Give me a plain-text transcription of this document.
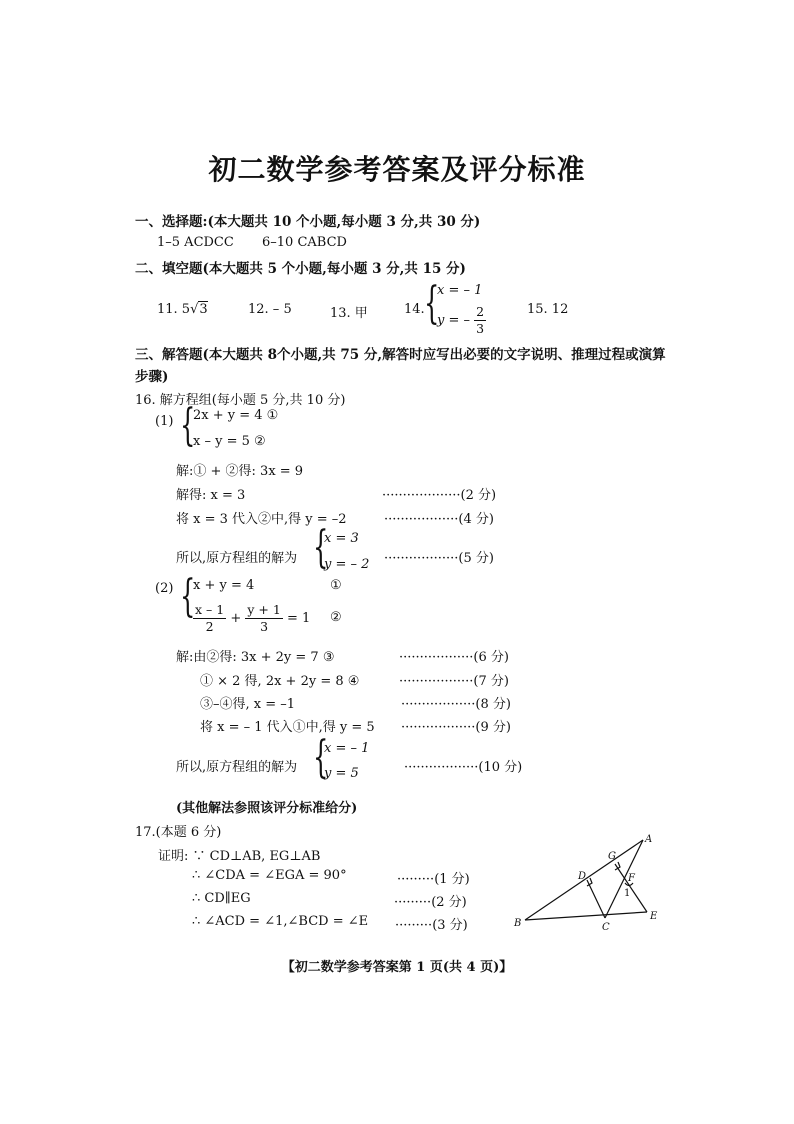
初二数学参考答案及评分标准
一、选择题:(本大题共 10 个小题,每小题 3 分,共 30 分)
1–5 ACDCC 6–10 CABCD
二、填空题(本大题共 5 个小题,每小题 3 分,共 15 分)
11. 5√3	12. – 5	13. 甲	14. {
x = – 1
y = – $\frac{2}{3}$	15. 12
三、解答题(本大题共 8个小题,共 75 分,解答时应写出必要的文字说明、推理过程或演算
步骤)
16. 解方程组(每小题 5 分,共 10 分)
(1) {
2x + y = 4 ①
x – y = 5 ②
解:① + ②得: 3x = 9
解得: x = 3	···················(2 分)
将 x = 3 代入②中,得 y = –2	··················(4 分)
所以,原方程组的解为 {
x = 3
y = – 2 ··················(5 分)
(2) {
x + y = 4	①
$\frac{x - 1}{2} + \frac{y + 1}{3} = 1$ ②
解:由②得: 3x + 2y = 7 ③	··················(6 分)
① × 2 得, 2x + 2y = 8 ④	··················(7 分)
③–④得, x = –1	··················(8 分)
将 x = – 1 代入①中,得 y = 5 ··················(9 分)
所以,原方程组的解为 {
x = – 1
y = 5	··················(10 分)
(其他解法参照该评分标准给分)
17.(本题 6 分)
证明: ∵ CD⊥AB, EG⊥AB
∴ ∠CDA = ∠EGA = 90°	·········(1 分)
∴ CD∥EG	·········(2 分)
∴ ∠ACD = ∠1,∠BCD = ∠E ·········(3 分)
A
G
D	F
1
B	C
E
【初二数学参考答案第 1 页(共 4 页)】
